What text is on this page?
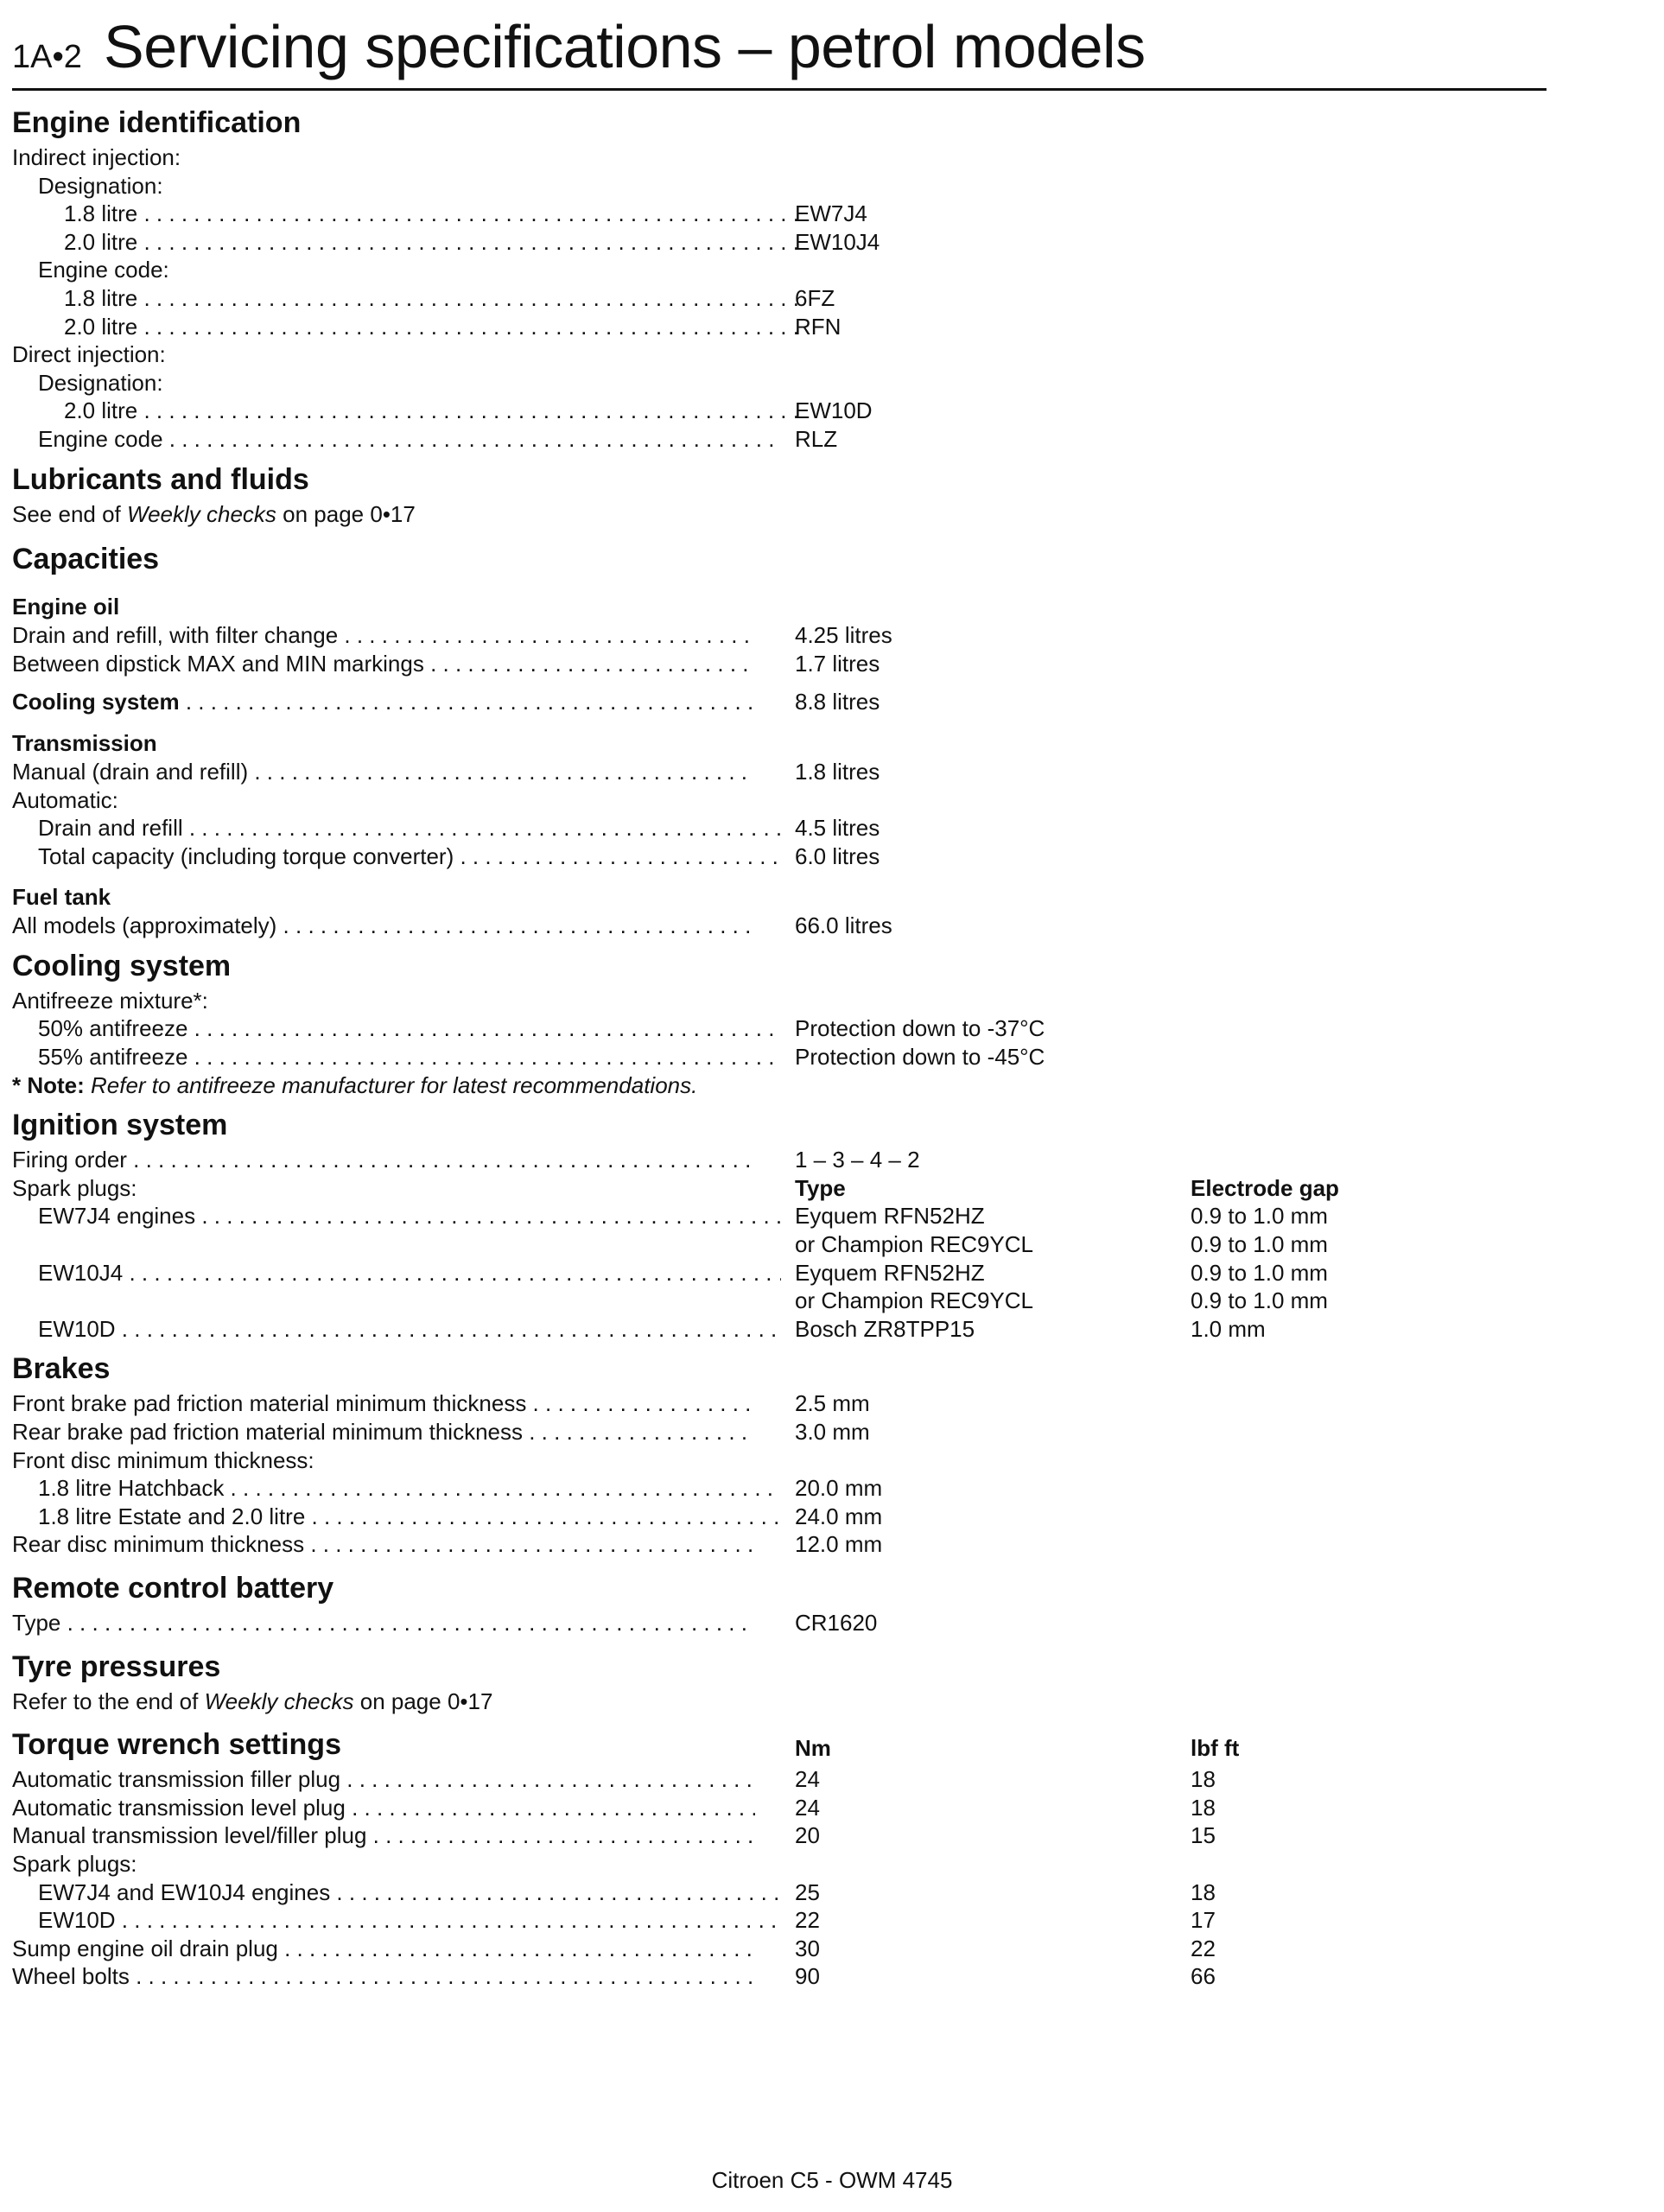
1A•2 Servicing specifications – petrol models
Engine identification
Indirect injection:
Designation:
1.8 litre . . .	EW7J4
2.0 litre . . .	EW10J4
Engine code:
1.8 litre . . .	6FZ
2.0 litre . . .	RFN
Direct injection:
Designation:
2.0 litre . . .	EW10D
Engine code . . .	RLZ
Lubricants and fluids
See end of Weekly checks on page 0•17
Capacities
Engine oil
Drain and refill, with filter change . . .	4.25 litres
Between dipstick MAX and MIN markings . . .	1.7 litres
Cooling system . . .	8.8 litres
Transmission
Manual (drain and refill) . . .	1.8 litres
Automatic:
Drain and refill . . .	4.5 litres
Total capacity (including torque converter) . . .	6.0 litres
Fuel tank
All models (approximately) . . .	66.0 litres
Cooling system
Antifreeze mixture*:
50% antifreeze . . .	Protection down to -37°C
55% antifreeze . . .	Protection down to -45°C
* Note: Refer to antifreeze manufacturer for latest recommendations.
Ignition system
Firing order . . .	1 – 3 – 4 – 2
Spark plugs:	Type	Electrode gap
EW7J4 engines . . .	Eyquem RFN52HZ	0.9 to 1.0 mm
or Champion REC9YCL	0.9 to 1.0 mm
EW10J4 . . .	Eyquem RFN52HZ	0.9 to 1.0 mm
or Champion REC9YCL	0.9 to 1.0 mm
EW10D . . .	Bosch ZR8TPP15	1.0 mm
Brakes
Front brake pad friction material minimum thickness . . .	2.5 mm
Rear brake pad friction material minimum thickness . . .	3.0 mm
Front disc minimum thickness:
1.8 litre Hatchback . . .	20.0 mm
1.8 litre Estate and 2.0 litre . . .	24.0 mm
Rear disc minimum thickness . . .	12.0 mm
Remote control battery
Type . . .	CR1620
Tyre pressures
Refer to the end of Weekly checks on page 0•17
Torque wrench settings	Nm	lbf ft
Automatic transmission filler plug . . .	24	18
Automatic transmission level plug . . .	24	18
Manual transmission level/filler plug . . .	20	15
Spark plugs:
EW7J4 and EW10J4 engines . . .	25	18
EW10D . . .	22	17
Sump engine oil drain plug . . .	30	22
Wheel bolts . . .	90	66
Citroen C5 - OWM 4745
